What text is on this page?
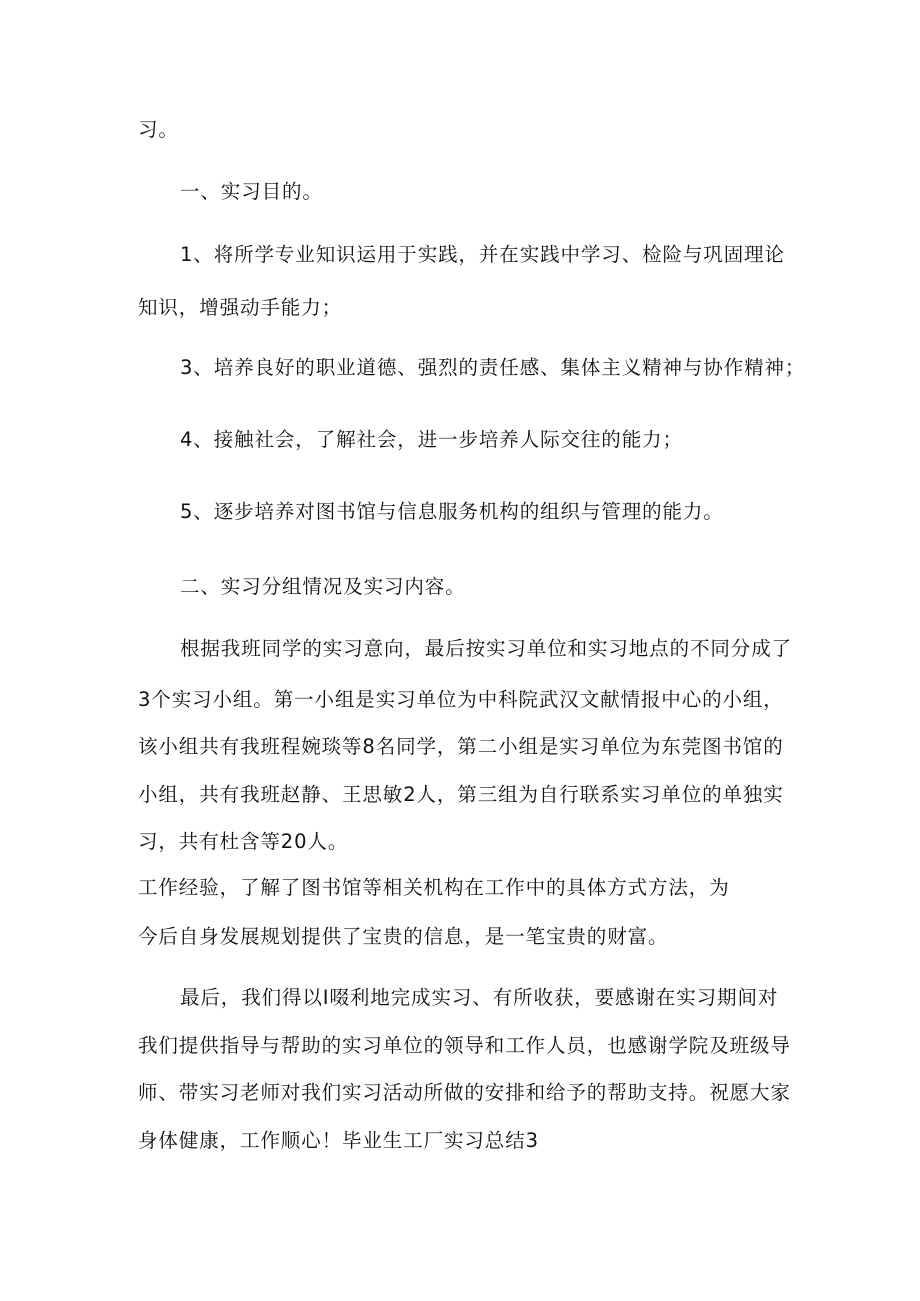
习。
一、实习目的。
1、将所学专业知识运用于实践，并在实践中学习、检险与巩固理论
知识，增强动手能力；
3、培养良好的职业道德、强烈的责任感、集体主义精神与协作精神；
4、接触社会，了解社会，进一步培养人际交往的能力；
5、逐步培养对图书馆与信息服务机构的组织与管理的能力。
二、实习分组情况及实习内容。
根据我班同学的实习意向，最后按实习单位和实习地点的不同分成了
3个实习小组。第一小组是实习单位为中科院武汉文献情报中心的小组，
该小组共有我班程婉琰等8名同学，第二小组是实习单位为东莞图书馆的
小组，共有我班赵静、王思敏2人，第三组为自行联系实习单位的单独实
习，共有杜含等20人。
工作经验，了解了图书馆等相关机构在工作中的具体方式方法，为
今后自身发展规划提供了宝贵的信息，是一笔宝贵的财富。
最后，我们得以I啜利地完成实习、有所收获，要感谢在实习期间对
我们提供指导与帮助的实习单位的领导和工作人员，也感谢学院及班级导
师、带实习老师对我们实习活动所做的安排和给予的帮助支持。祝愿大家
身体健康，工作顺心！毕业生工厂实习总结3
